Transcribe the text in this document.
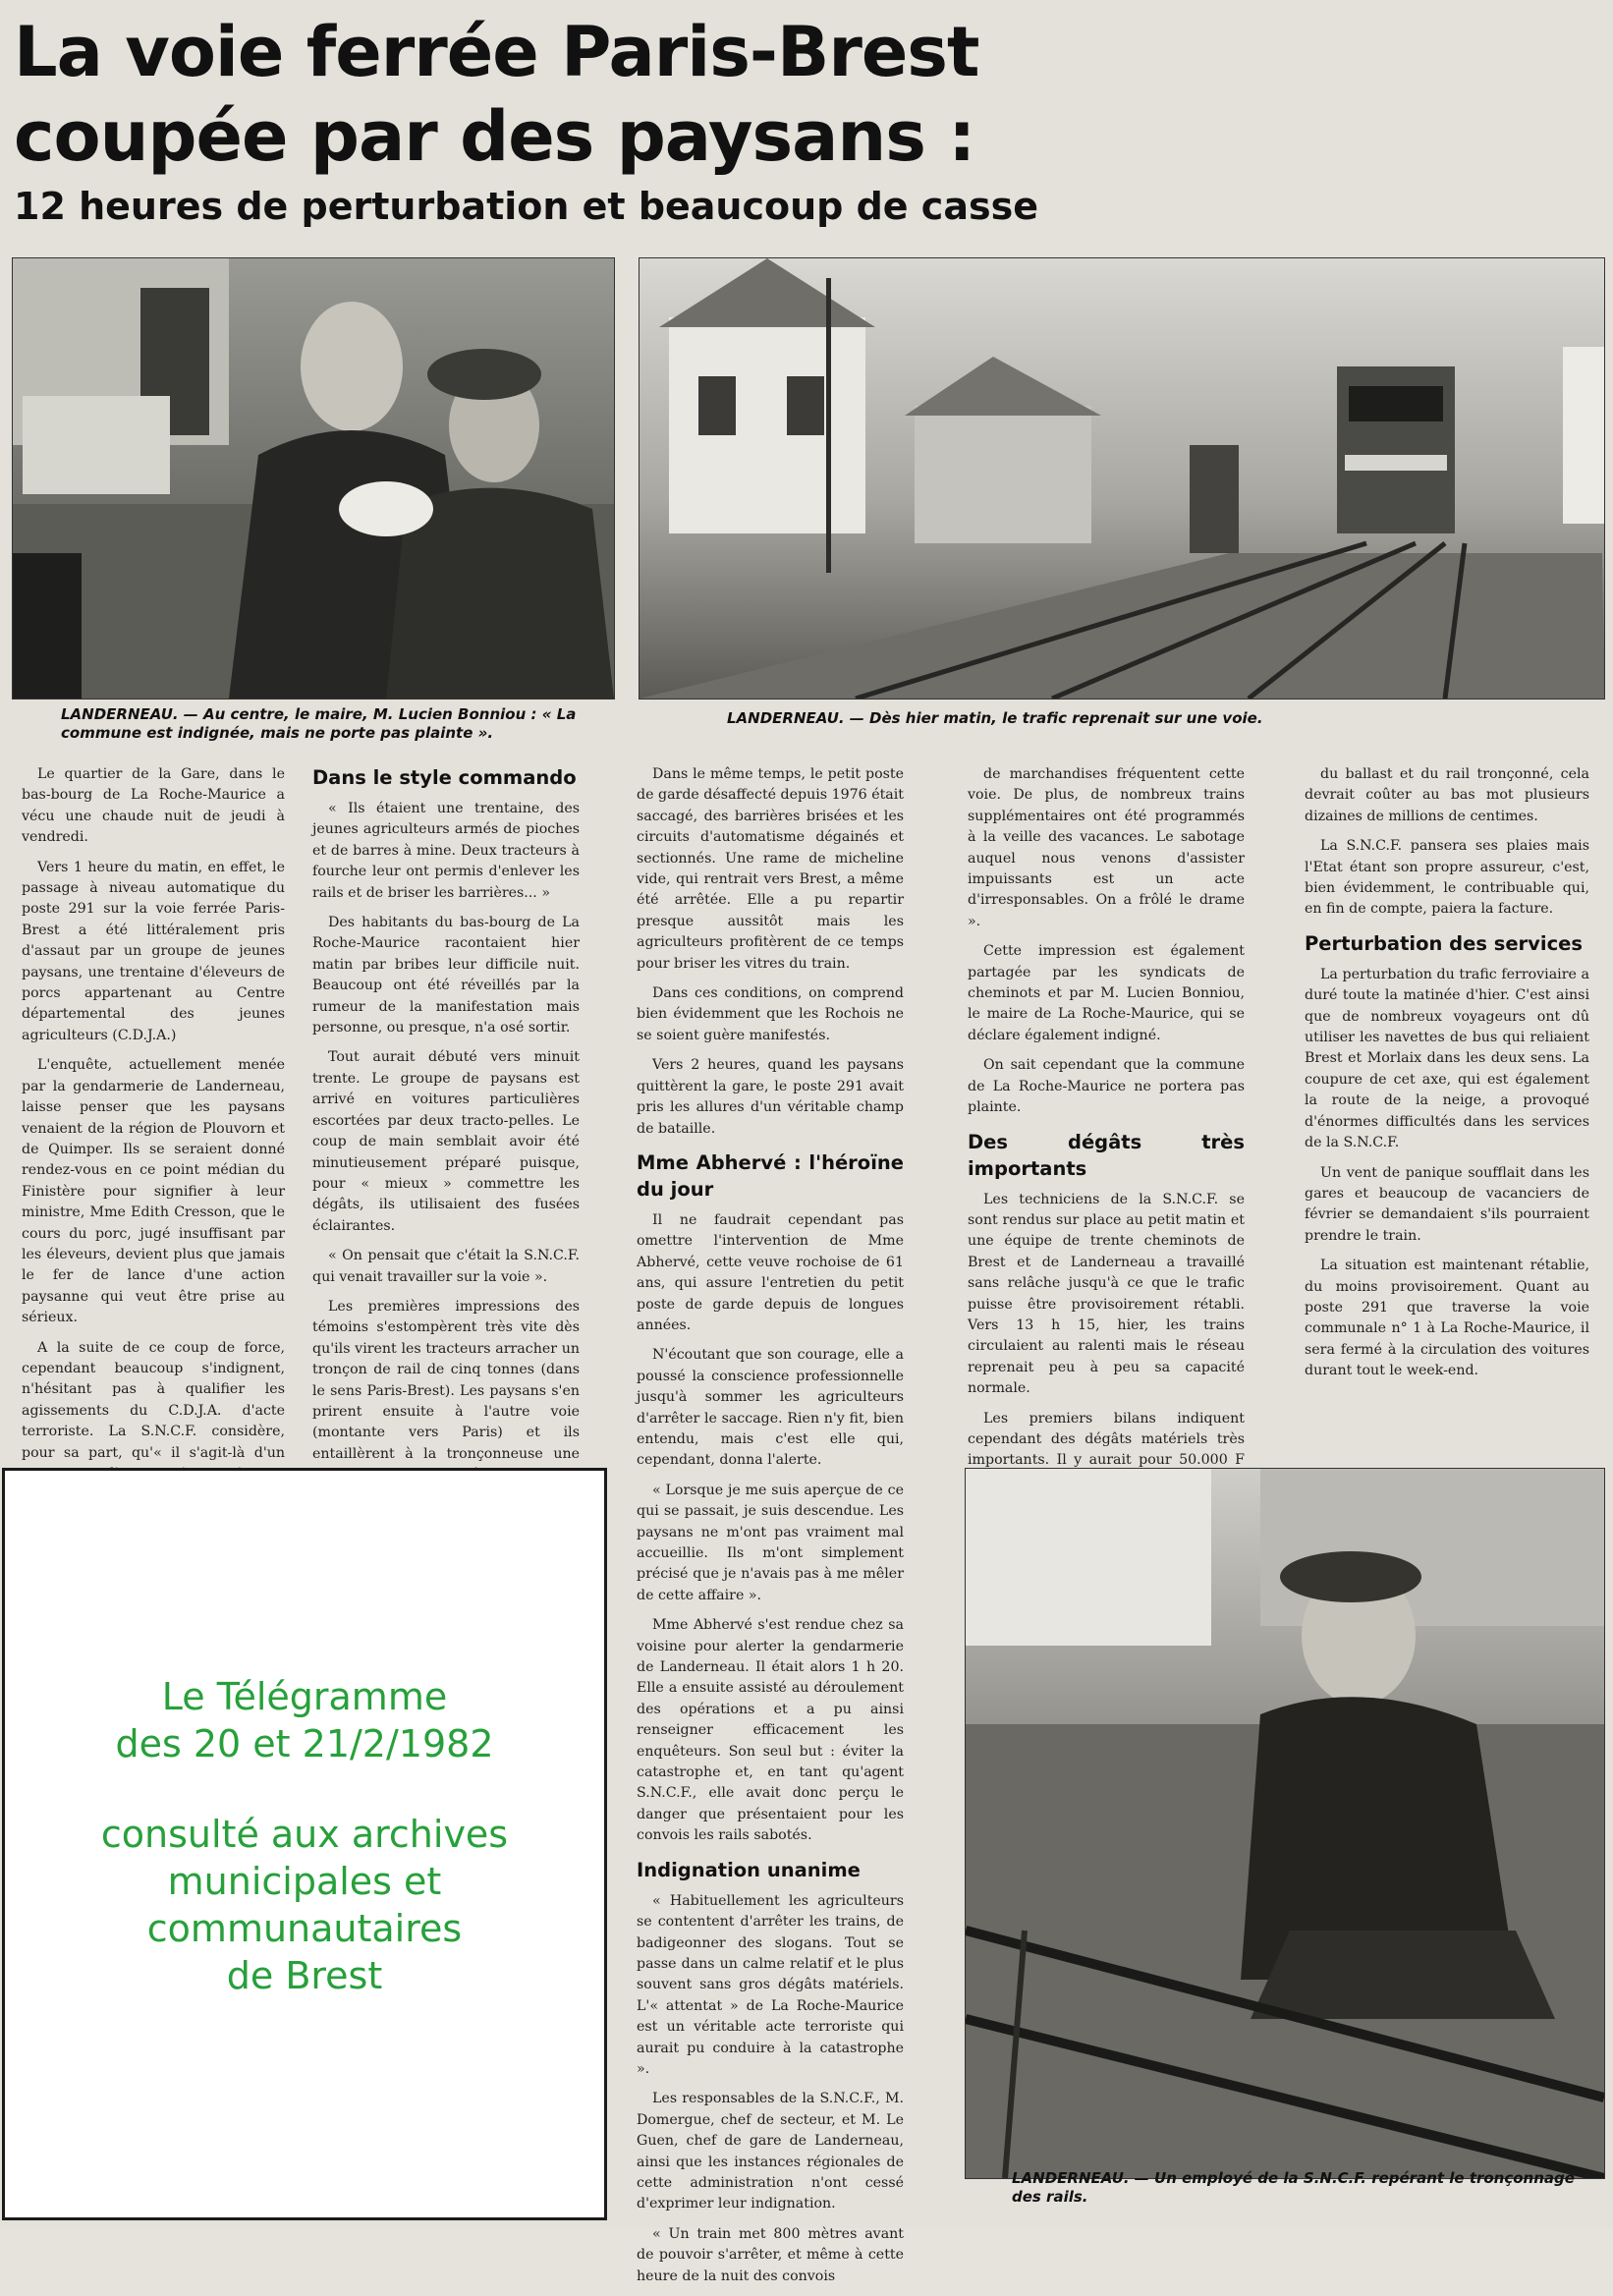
La voie ferrée Paris-Brest
coupée par des paysans :
12 heures de perturbation et beaucoup de casse
LANDERNEAU. — Au centre, le maire, M. Lucien Bonniou : « La commune est indignée, mais ne porte pas plainte ».
LANDERNEAU. — Dès hier matin, le trafic reprenait sur une voie.

Le quartier de la Gare, dans le bas-bourg de La Roche-Maurice a vécu une chaude nuit de jeudi à vendredi.

Vers 1 heure du matin, en effet, le passage à niveau automatique du poste 291 sur la voie ferrée Paris-Brest a été littéralement pris d'assaut par un groupe de jeunes paysans, une trentaine d'éleveurs de porcs appartenant au Centre départemental des jeunes agriculteurs (C.D.J.A.)

L'enquête, actuellement menée par la gendarmerie de Landerneau, laisse penser que les paysans venaient de la région de Plouvorn et de Quimper. Ils se seraient donné rendez-vous en ce point médian du Finistère pour signifier à leur ministre, Mme Edith Cresson, que le cours du porc, jugé insuffisant par les éleveurs, devient plus que jamais le fer de lance d'une action paysanne qui veut être prise au sérieux.

A la suite de ce coup de force, cependant beaucoup s'indignent, n'hésitant pas à qualifier les agissements du C.D.J.A. d'acte terroriste. La S.N.C.F. considère, pour sa part, qu'« il s'agit-là d'un

Dans le style commando

« Ils étaient une trentaine, des jeunes agriculteurs armés de pioches et de barres à mine. Deux tracteurs à fourche leur ont permis d'enlever les rails et de briser les barrières... »

Des habitants du bas-bourg de La Roche-Maurice racontaient hier matin par bribes leur difficile nuit. Beaucoup ont été réveillés par la rumeur de la manifestation mais personne, ou presque, n'a osé sortir.

Tout aurait débuté vers minuit trente. Le groupe de paysans est arrivé en voitures particulières escortées par deux tracto-pelles. Le coup de main semblait avoir été minutieusement préparé puisque, pour « mieux » commettre les dégâts, ils utilisaient des fusées éclairantes.

« On pensait que c'était la S.N.C.F. qui venait travailler sur la voie ».

Les premières impressions des témoins s'estompèrent très vite dès qu'ils virent les tracteurs arracher un tronçon de rail de cinq tonnes (dans le sens Paris-Brest). Les paysans s'en prirent ensuite à l'autre voie (montante vers Paris) et ils entaillèrent à la tronçonneuse une

Dans le même temps, le petit poste de garde désaffecté depuis 1976 était saccagé, des barrières brisées et les circuits d'automatisme dégainés et sectionnés. Une rame de micheline vide, qui rentrait vers Brest, a même été arrêtée. Elle a pu repartir presque aussitôt mais les agriculteurs profitèrent de ce temps pour briser les vitres du train.

Dans ces conditions, on comprend bien évidemment que les Rochois ne se soient guère manifestés.

Vers 2 heures, quand les paysans quittèrent la gare, le poste 291 avait pris les allures d'un véritable champ de bataille.

Mme Abhervé : l'héroïne du jour

Il ne faudrait cependant pas omettre l'intervention de Mme Abhervé, cette veuve rochoise de 61 ans, qui assure l'entretien du petit poste de garde depuis de longues années.

N'écoutant que son courage, elle a poussé la conscience professionnelle jusqu'à sommer les agriculteurs d'arrêter le saccage. Rien n'y fit, bien entendu, mais c'est elle qui, cependant, donna l'alerte.

« Lorsque je me suis aperçue de ce qui se passait, je suis descendue. Les paysans ne m'ont pas vraiment mal accueillie. Ils m'ont simplement précisé que je n'avais pas à me mêler de cette affaire ».

Mme Abhervé s'est rendue chez sa voisine pour alerter la gendarmerie de Landerneau. Il était alors 1 h 20. Elle a ensuite assisté au déroulement des opérations et a pu ainsi renseigner efficacement les enquêteurs. Son seul but : éviter la catastrophe et, en tant qu'agent S.N.C.F., elle avait donc perçu le danger que présentaient pour les convois les rails sabotés.

Indignation unanime

« Habituellement les agriculteurs se contentent d'arrêter les trains, de badigeonner des slogans. Tout se passe dans un calme relatif et le plus souvent sans gros dégâts matériels. L'« attentat » de La Roche-Maurice est un véritable acte terroriste qui aurait pu conduire à la catastrophe ».

Les responsables de la S.N.C.F., M. Domergue, chef de secteur, et M. Le Guen, chef de gare de Landerneau, ainsi que les instances régionales de cette administration n'ont cessé d'exprimer leur indignation.

« Un train met 800 mètres avant de pouvoir s'arrêter, et même à cette heure de la nuit des convois

de marchandises fréquentent cette voie. De plus, de nombreux trains supplémentaires ont été programmés à la veille des vacances. Le sabotage auquel nous venons d'assister impuissants est un acte d'irresponsables. On a frôlé le drame ».

Cette impression est également partagée par les syndicats de cheminots et par M. Lucien Bonniou, le maire de La Roche-Maurice, qui se déclare également indigné.

On sait cependant que la commune de La Roche-Maurice ne portera pas plainte.

Des dégâts très importants

Les techniciens de la S.N.C.F. se sont rendus sur place au petit matin et une équipe de trente cheminots de Brest et de Landerneau a travaillé sans relâche jusqu'à ce que le trafic puisse être provisoirement rétabli. Vers 13 h 15, hier, les trains circulaient au ralenti mais le réseau reprenait peu à peu sa capacité normale.

Les premiers bilans indiquent cependant des dégâts matériels très importants. Il y aurait pour 50.000 F

du ballast et du rail tronçonné, cela devrait coûter au bas mot plusieurs dizaines de millions de centimes.

La S.N.C.F. pansera ses plaies mais l'Etat étant son propre assureur, c'est, bien évidemment, le contribuable qui, en fin de compte, paiera la facture.

Perturbation des services

La perturbation du trafic ferroviaire a duré toute la matinée d'hier. C'est ainsi que de nombreux voyageurs ont dû utiliser les navettes de bus qui reliaient Brest et Morlaix dans les deux sens. La coupure de cet axe, qui est également la route de la neige, a provoqué d'énormes difficultés dans les services de la S.N.C.F.

Un vent de panique soufflait dans les gares et beaucoup de vacanciers de février se demandaient s'ils pourraient prendre le train.

La situation est maintenant rétablie, du moins provisoirement. Quant au poste 291 que traverse la voie communale n° 1 à La Roche-Maurice, il sera fermé à la circulation des voitures durant tout le week-end.

LANDERNEAU. — Un employé de la S.N.C.F. repérant le tronçonnage des rails.
Le Télégramme
des 20 et 21/2/1982
consulté aux archives
municipales et
communautaires
de Brest
